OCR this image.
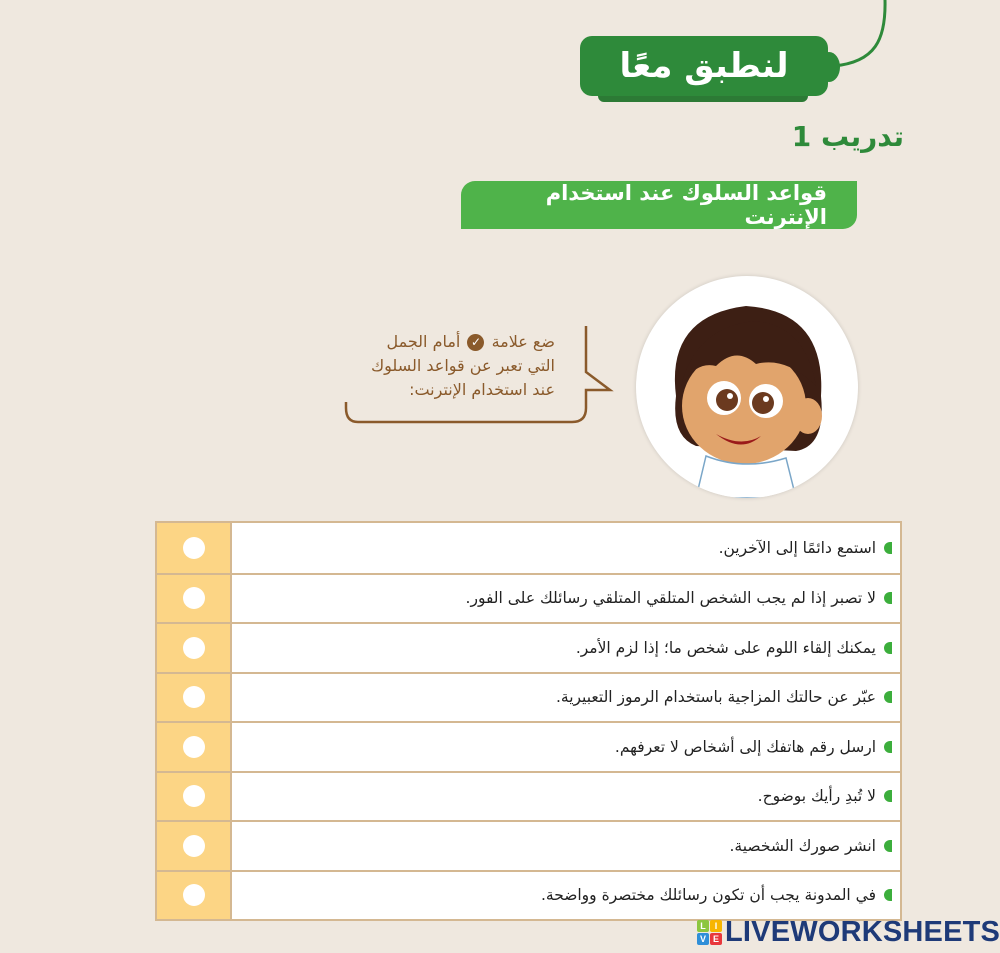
لنطبق معًا
تدريب 1
قواعد السلوك عند استخدام الإنترنت
ضع علامة ✓ أمام الجمل
التي تعبر عن قواعد السلوك
عند استخدام الإنترنت:
استمع دائمًا إلى الآخرين.
لا تصبر إذا لم يجب الشخص المتلقي المتلقي رسائلك على الفور.
يمكنك إلقاء اللوم على شخص ما؛ إذا لزم الأمر.
عبّر عن حالتك المزاجية باستخدام الرموز التعبيرية.
ارسل رقم هاتفك إلى أشخاص لا تعرفهم.
لا تُبدِ رأيك بوضوح.
انشر صورك الشخصية.
في المدونة يجب أن تكون رسائلك مختصرة وواضحة.
L I
V E LIVEWORKSHEETS
